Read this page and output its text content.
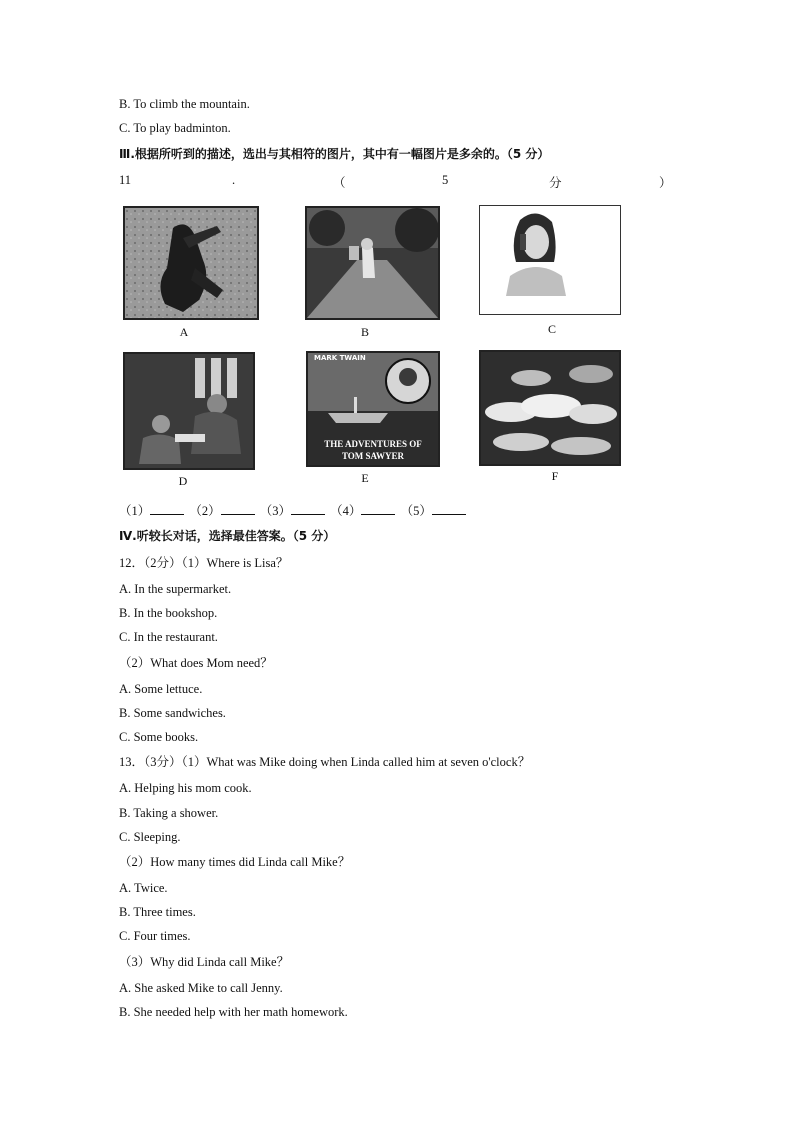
B. To climb the mountain.
C. To play badminton.
Ⅲ.根据所听到的描述，选出与其相符的图片，其中有一幅图片是多余的。（5 分）
11	.	（	5	分	）
A	B	C
D
MARK TWAIN
THE ADVENTURES OF
TOM SAWYER
E	F
（1）	（2）	（3）	（4）	（5）
Ⅳ.听较长对话，选择最佳答案。（5 分）
12．（2分）（1）Where is Lisa？
A. In the supermarket.
B. In the bookshop.
C. In the restaurant.
（2）What does Mom need？
A. Some lettuce.
B. Some sandwiches.
C. Some books.
13．（3分）（1）What was Mike doing when Linda called him at seven o'clock？
A. Helping his mom cook.
B. Taking a shower.
C. Sleeping.
（2）How many times did Linda call Mike？
A. Twice.
B. Three times.
C. Four times.
（3）Why did Linda call Mike？
A. She asked Mike to call Jenny.
B. She needed help with her math homework.
